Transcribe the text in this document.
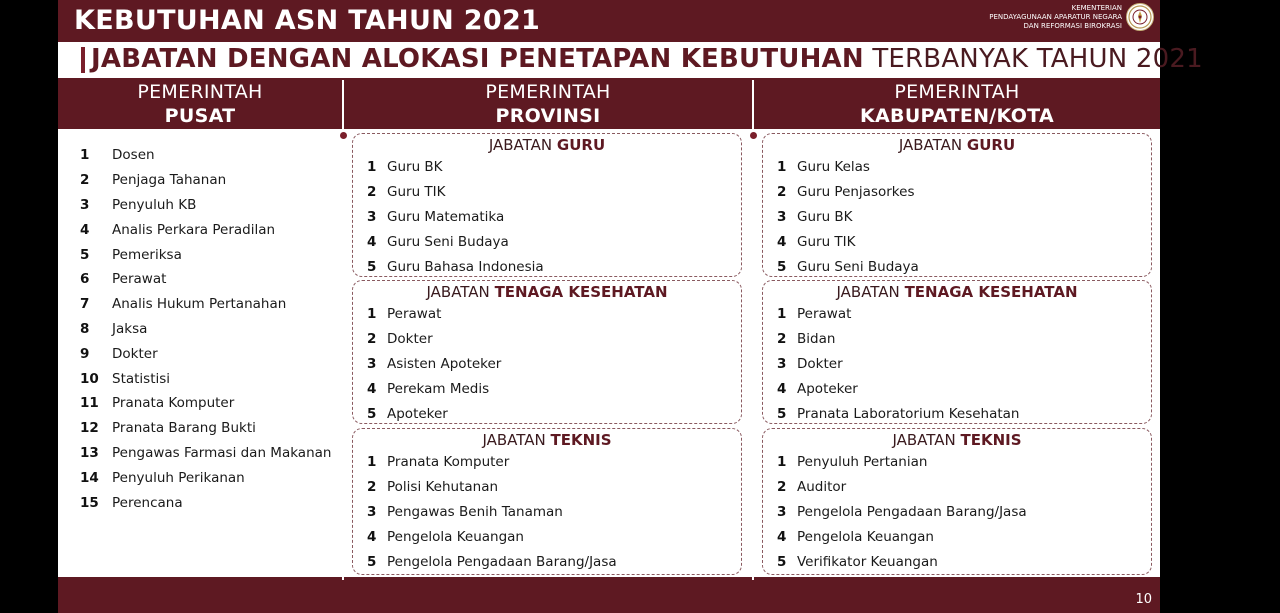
KEBUTUHAN ASN TAHUN 2021	KEMENTERIAN
PENDAYAGUNAAN APARATUR NEGARA
DAN REFORMASI BIROKRASI
JABATAN DENGAN ALOKASI PENETAPAN KEBUTUHAN TERBANYAK TAHUN 2021
PEMERINTAH
PUSAT
PEMERINTAH
PROVINSI
PEMERINTAH
KABUPATEN/KOTA
1	Dosen
2	Penjaga Tahanan
3	Penyuluh KB
4	Analis Perkara Peradilan
5	Pemeriksa
6	Perawat
7	Analis Hukum Pertanahan
8	Jaksa
9	Dokter
10 Statistisi
11 Pranata Komputer
12 Pranata Barang Bukti
13 Pengawas Farmasi dan Makanan
14 Penyuluh Perikanan
15 Perencana
JABATAN GURU
1 Guru BK
2 Guru TIK
3 Guru Matematika
4 Guru Seni Budaya
5 Guru Bahasa Indonesia
JABATAN TENAGA KESEHATAN
1 Perawat
2 Dokter
3 Asisten Apoteker
4 Perekam Medis
5 Apoteker
JABATAN TEKNIS
1 Pranata Komputer
2 Polisi Kehutanan
3 Pengawas Benih Tanaman
4 Pengelola Keuangan
5 Pengelola Pengadaan Barang/Jasa
JABATAN GURU
1 Guru Kelas
2 Guru Penjasorkes
3 Guru BK
4 Guru TIK
5 Guru Seni Budaya
JABATAN TENAGA KESEHATAN
1 Perawat
2 Bidan
3 Dokter
4 Apoteker
5 Pranata Laboratorium Kesehatan
JABATAN TEKNIS
1 Penyuluh Pertanian
2 Auditor
3 Pengelola Pengadaan Barang/Jasa
4 Pengelola Keuangan
5 Verifikator Keuangan
10
